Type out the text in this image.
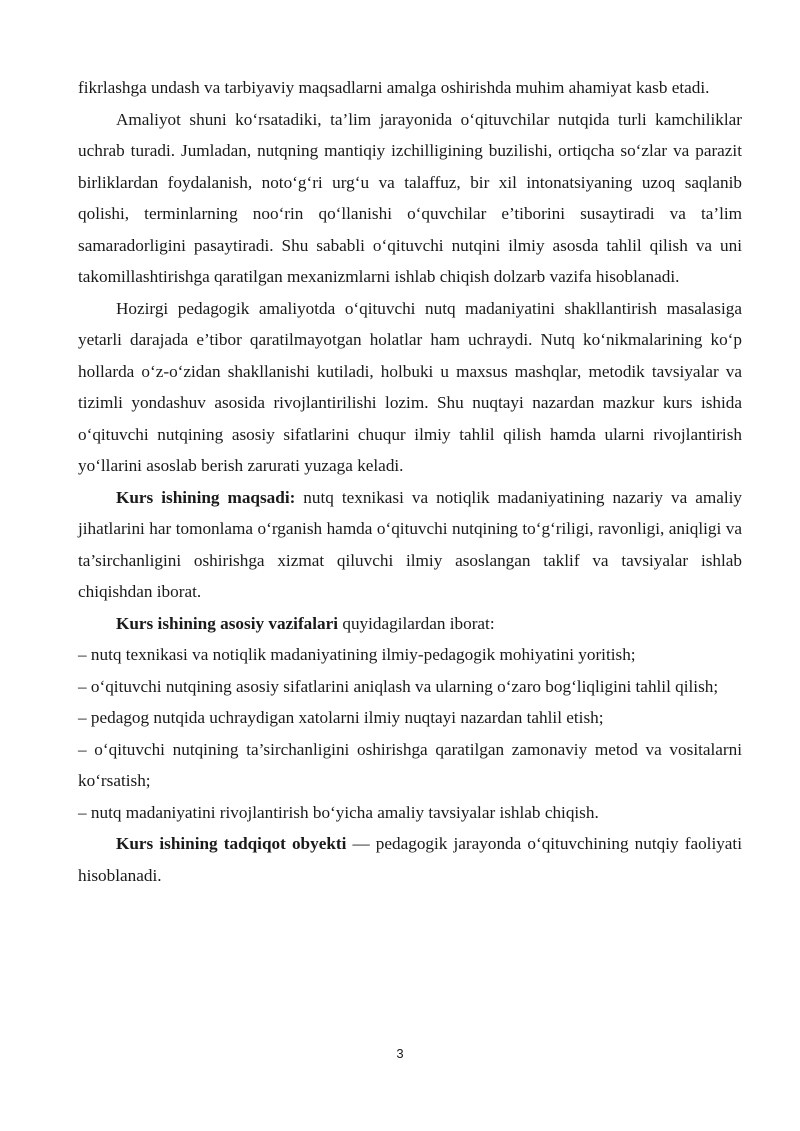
fikrlashga undash va tarbiyaviy maqsadlarni amalga oshirishda muhim ahamiyat kasb etadi.

Amaliyot shuni ko‘rsatadiki, ta’lim jarayonida o‘qituvchilar nutqida turli kamchiliklar uchrab turadi. Jumladan, nutqning mantiqiy izchilligining buzilishi, ortiqcha so‘zlar va parazit birliklardan foydalanish, noto‘g‘ri urg‘u va talaffuz, bir xil intonatsiyaning uzoq saqlanib qolishi, terminlarning noo‘rin qo‘llanishi o‘quvchilar e’tiborini susaytiradi va ta’lim samaradorligini pasaytiradi. Shu sababli o‘qituvchi nutqini ilmiy asosda tahlil qilish va uni takomillashtirishga qaratilgan mexanizmlarni ishlab chiqish dolzarb vazifa hisoblanadi.

Hozirgi pedagogik amaliyotda o‘qituvchi nutq madaniyatini shakllantirish masalasiga yetarli darajada e’tibor qaratilmayotgan holatlar ham uchraydi. Nutq ko‘nikmalarining ko‘p hollarda o‘z-o‘zidan shakllanishi kutiladi, holbuki u maxsus mashqlar, metodik tavsiyalar va tizimli yondashuv asosida rivojlantirilishi lozim. Shu nuqtayi nazardan mazkur kurs ishida o‘qituvchi nutqining asosiy sifatlarini chuqur ilmiy tahlil qilish hamda ularni rivojlantirish yo‘llarini asoslab berish zarurati yuzaga keladi.

Kurs ishining maqsadi: nutq texnikasi va notiqlik madaniyatining nazariy va amaliy jihatlarini har tomonlama o‘rganish hamda o‘qituvchi nutqining to‘g‘riligi, ravonligi, aniqligi va ta’sirchanligini oshirishga xizmat qiluvchi ilmiy asoslangan taklif va tavsiyalar ishlab chiqishdan iborat.

Kurs ishining asosiy vazifalari quyidagilardan iborat:

– nutq texnikasi va notiqlik madaniyatining ilmiy-pedagogik mohiyatini yoritish;

– o‘qituvchi nutqining asosiy sifatlarini aniqlash va ularning o‘zaro bog‘liqligini tahlil qilish;

– pedagog nutqida uchraydigan xatolarni ilmiy nuqtayi nazardan tahlil etish;

– o‘qituvchi nutqining ta’sirchanligini oshirishga qaratilgan zamonaviy metod va vositalarni ko‘rsatish;

– nutq madaniyatini rivojlantirish bo‘yicha amaliy tavsiyalar ishlab chiqish.

Kurs ishining tadqiqot obyekti — pedagogik jarayonda o‘qituvchining nutqiy faoliyati hisoblanadi.

3
